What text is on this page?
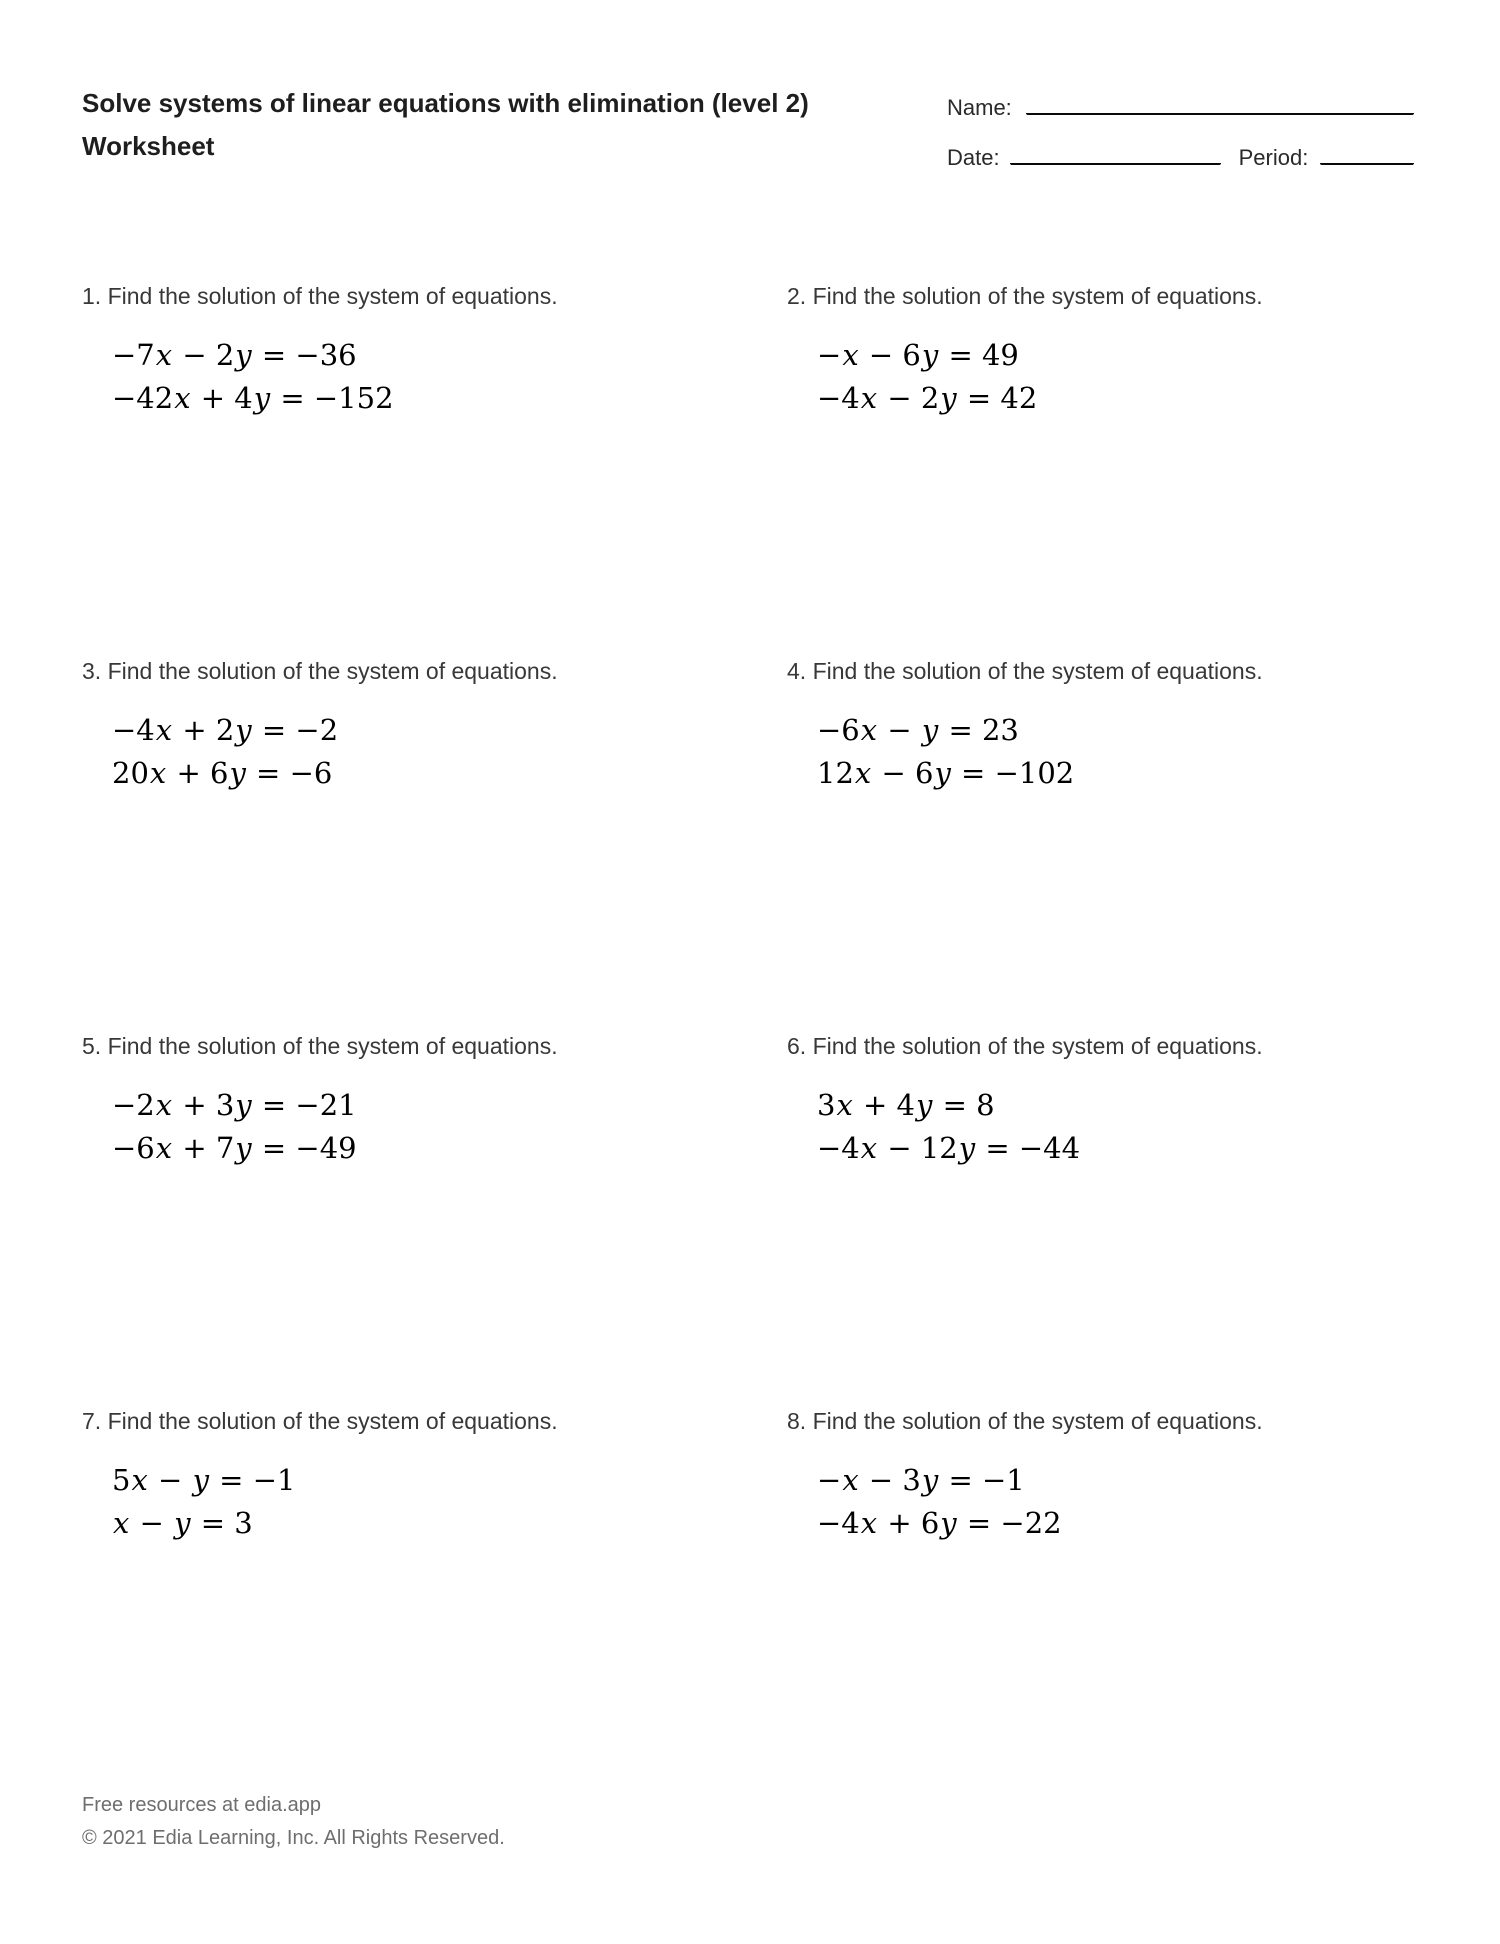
Solve systems of linear equations with elimination (level 2)
Worksheet
Name:
Date:	Period:
1. Find the solution of the system of equations.
−7x − 2y = −36
−42x + 4y = −152
2. Find the solution of the system of equations.
−x − 6y = 49
−4x − 2y = 42
3. Find the solution of the system of equations.
−4x + 2y = −2
20x + 6y = −6
4. Find the solution of the system of equations.
−6x − y = 23
12x − 6y = −102
5. Find the solution of the system of equations.
−2x + 3y = −21
−6x + 7y = −49
6. Find the solution of the system of equations.
3x + 4y = 8
−4x − 12y = −44
7. Find the solution of the system of equations.
5x − y = −1
x − y = 3
8. Find the solution of the system of equations.
−x − 3y = −1
−4x + 6y = −22
Free resources at edia.app
© 2021 Edia Learning, Inc. All Rights Reserved.
